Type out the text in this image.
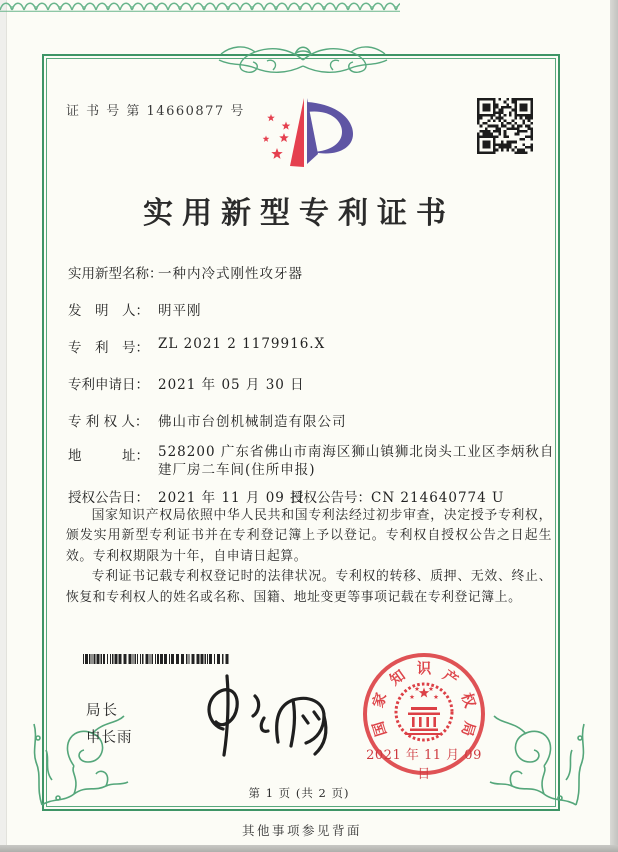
证 书 号 第 14660877 号
实用新型专利证书
实用新型名称：一种内冷式刚性攻牙器
发　明　人： 明平刚
专　利　号： ZL 2021 2 1179916.X
专利申请日： 2021 年 05 月 30 日
专 利 权 人： 佛山市台创机械制造有限公司
地　　　址： 528200 广东省佛山市南海区狮山镇狮北岗头工业区李炳秋自建厂房二车间(住所申报)
授权公告日： 2021 年 11 月 09 日
授权公告号：CN 214640774 U

国家知识产权局依照中华人民共和国专利法经过初步审查，决定授予专利权，颁发实用新型专利证书并在专利登记簿上予以登记。专利权自授权公告之日起生效。专利权期限为十年，自申请日起算。

专利证书记载专利权登记时的法律状况。专利权的转移、质押、无效、终止、恢复和专利权人的姓名或名称、国籍、地址变更等事项记载在专利登记簿上。

局长
申长雨
国
家
知 识 产
权
局
2021 年 11 月 09 日
第 1 页 (共 2 页)
其他事项参见背面
